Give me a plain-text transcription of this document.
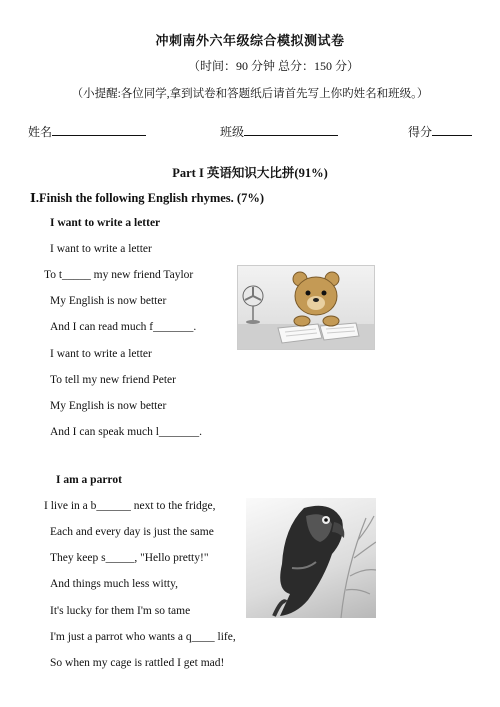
冲刺南外六年级综合模拟测试卷
（时间：90 分钟 总分：150 分）
（小提醒:各位同学,拿到试卷和答题纸后请首先写上你旳姓名和班级。）
姓名	班级	得分
Part I 英语知识大比拼(91%)
Ⅰ.Finish the following English rhymes. (7%)
I want to write a letter
I want to write a letter
To t_____ my new friend Taylor
My English is now better
And I can read much f_______.
I want to write a letter
To tell my new friend Peter
My English is now better
And I can speak much l_______.
I am a parrot
I live in a b______ next to the fridge,
Each and every day is just the same
They keep s_____, "Hello pretty!"
And things much less witty,
It's lucky for them I'm so tame
I'm just a parrot who wants a q____ life,
So when my cage is rattled I get mad!
